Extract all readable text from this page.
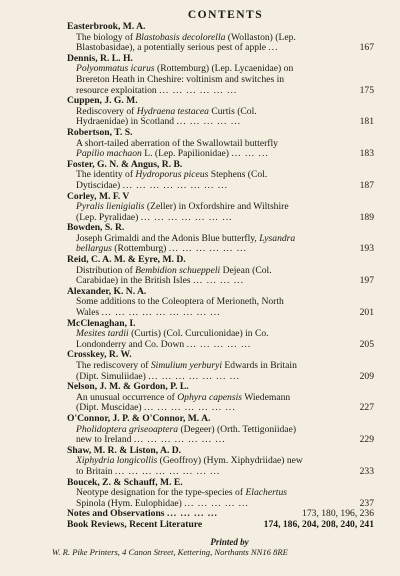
CONTENTS
Easterbrook, M. A.
The biology of Blastobasis decolorella (Wollaston) (Lep.
Blastobasidae), a potentially serious pest of apple ...	167
Dennis, R. L. H.
Polyommatus icarus (Rottemburg) (Lep. Lycaenidae) on
Brereton Heath in Cheshire: voltinism and switches in
resource exploitation ... ... ... ... ... ...	175
Cuppen, J. G. M.
Rediscovery of Hydraena testacea Curtis (Col.
Hydraenidae) in Scotland ... ... ... ... ...	181
Robertson, T. S.
A short-tailed aberration of the Swallowtail butterfly
Papilio machaon L. (Lep. Papilionidae) ... ... ...	183
Foster, G. N. & Angus, R. B.
The identity of Hydroporus piceus Stephens (Col.
Dytiscidae) ... ... ... ... ... ... ... ...	187
Corley, M. F. V
Pyralis lienigialis (Zeller) in Oxfordshire and Wiltshire
(Lep. Pyralidae) ... ... ... ... ... ... ...	189
Bowden, S. R.
Joseph Grimaldi and the Adonis Blue butterfly, Lysandra
bellargus (Rottemburg) ... ... ... ... ... ...	193
Reid, C. A. M. & Eyre, M. D.
Distribution of Bembidion schueppeli Dejean (Col.
Carabidae) in the British Isles ... ... ... ...	197
Alexander, K. N. A.
Some additions to the Coleoptera of Merioneth, North
Wales ... ... ... ... ... ... ... ... ...	201
McClenaghan, I.
Mesites tardii (Curtis) (Col. Curculionidae) in Co.
Londonderry and Co. Down ... ... ... ... ...	205
Crosskey, R. W.
The rediscovery of Simulium yerburyi Edwards in Britain
(Dipt. Simuliidae) ... ... ... ... ... ... ...	209
Nelson, J. M. & Gordon, P. L.
An unusual occurrence of Ophyra capensis Wiedemann
(Dipt. Muscidae) ... ... ... ... ... ... ...	227
O'Connor, J. P. & O'Connor, M. A.
Pholidoptera griseoaptera (Degeer) (Orth. Tettigoniidae)
new to Ireland ... ... ... ... ... ... ...	229
Shaw, M. R. & Liston, A. D.
Xiphydria longicollis (Geoffroy) (Hym. Xiphydriidae) new
to Britain ... ... ... ... ... ... ... ...	233
Boucek, Z. & Schauff, M. E.
Neotype designation for the type-species of Elachertus
Spinola (Hym. Eulophidae) ... ... ... ... ...	237
Notes and Observations ... ... ... ...	173, 180, 196, 236
Book Reviews, Recent Literature	174, 186, 204, 208, 240, 241
Printed by
W. R. Pike Printers, 4 Canon Street, Kettering, Northants NN16 8RE
